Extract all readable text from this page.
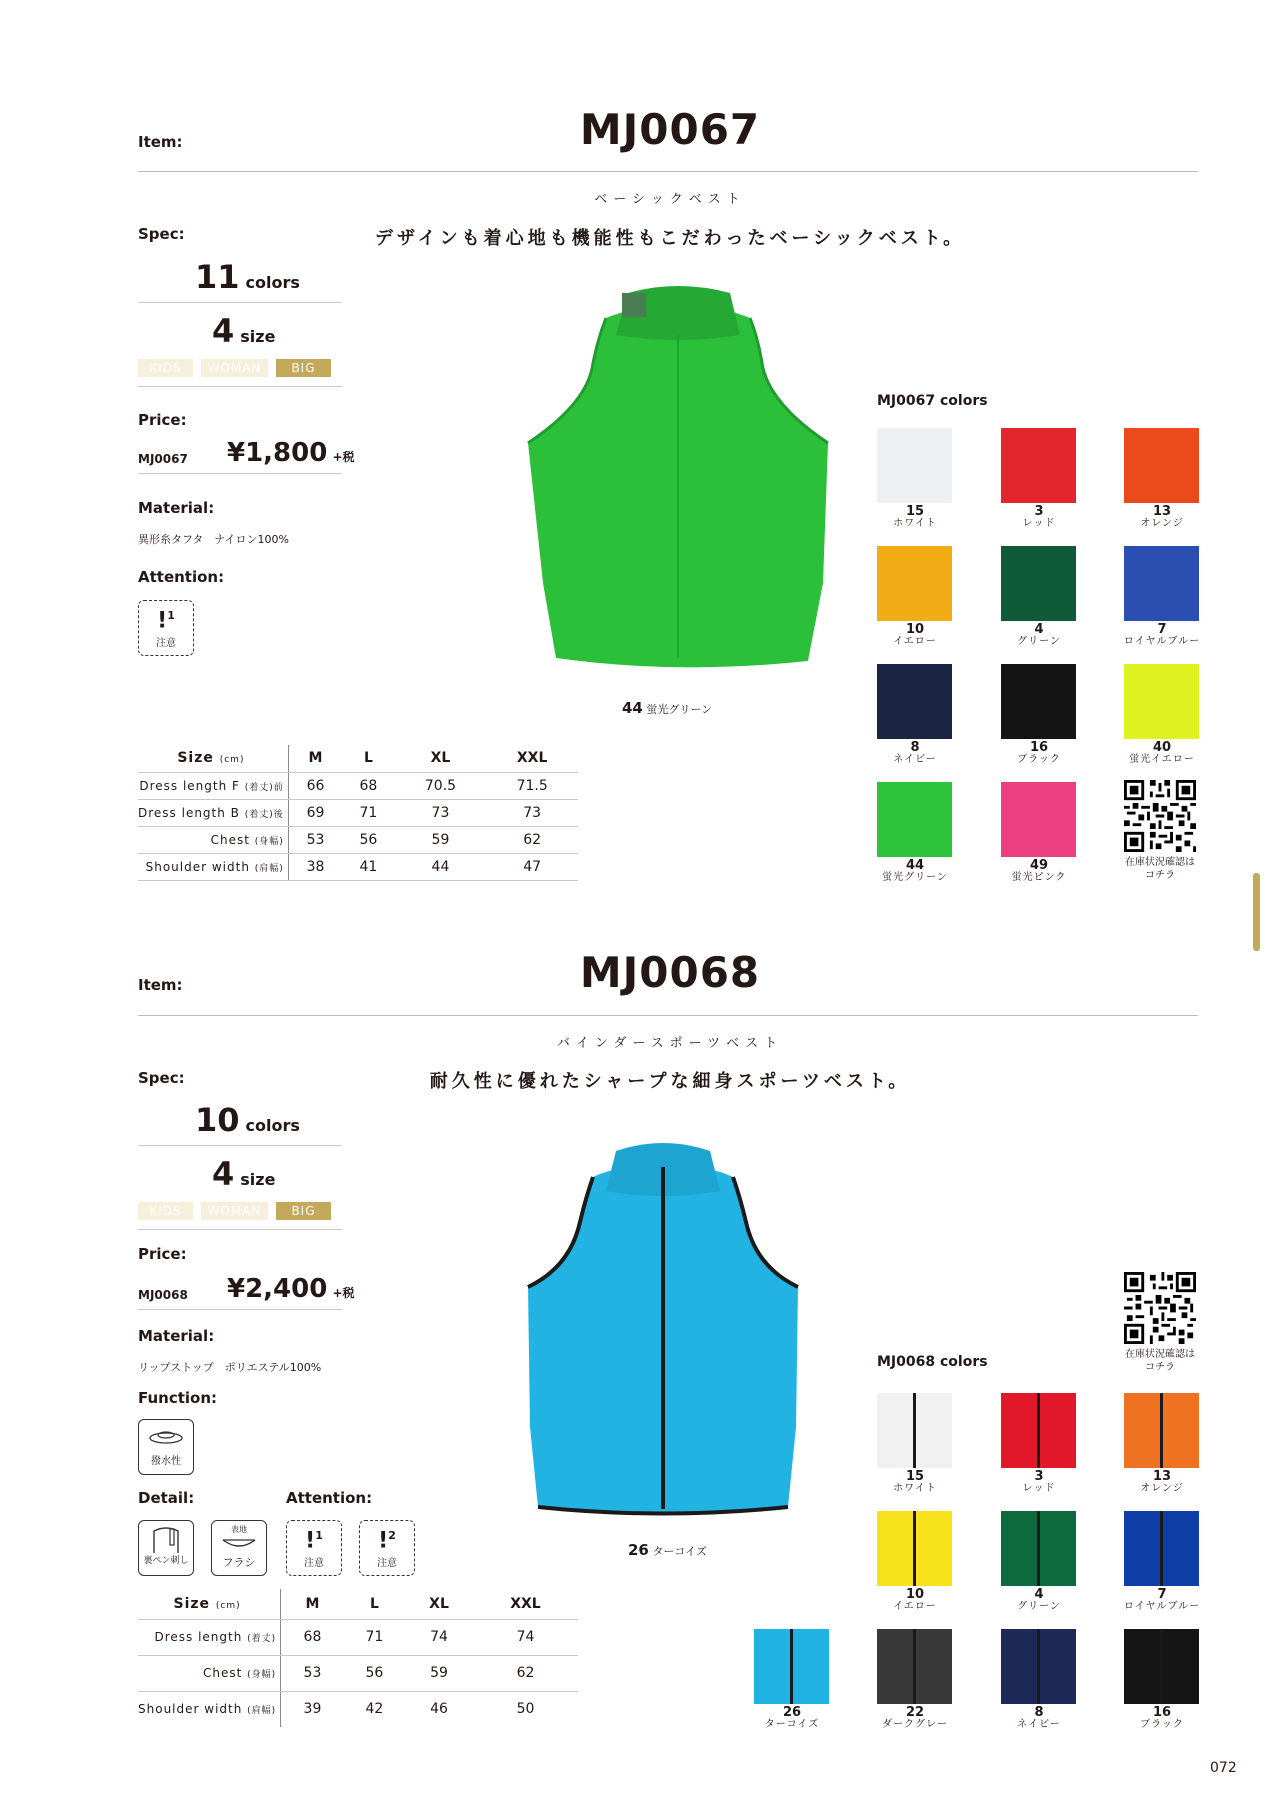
Item:	MJ0067
ベーシックベスト
Spec:	デザインも着心地も機能性もこだわったベーシックベスト。
11 colors
4 size
KIDS	WOMAN	BIG
Price:
MJ0067 ¥1,800 +税
Material:
異形糸タフタ　ナイロン100%
Attention:
!$^1$
注意
44 蛍光グリーン
Size (cm)	M	L	XL	XXL
Dress length F (着丈)前	66	68	70.5	71.5
Dress length B (着丈)後	69	71	73	73
Chest (身幅)	53	56	59	62
Shoulder width (肩幅)	38	41	44	47
MJ0067 colors
15
ホワイト
3
レッド
13
オレンジ
10
イエロー
4
グリーン
7
ロイヤルブルー
8
ネイビー
16
ブラック
40
蛍光イエロー
44
蛍光グリーン
49
蛍光ピンク
在庫状況確認は
コチラ
Item:	MJ0068
バインダースポーツベスト
Spec:	耐久性に優れたシャープな細身スポーツベスト。
10 colors
4 size
KIDS	WOMAN	BIG
Price:
MJ0068 ¥2,400 +税
Material:
リップストップ　ポリエステル100%
Function:
撥水性
Detail:	Attention:
裏ペン刺し
表地
フラシ
!$^1$
注意
!$^2$
注意
26 ターコイズ
Size (cm)	M	L	XL	XXL
Dress length (着丈)	68	71	74	74
Chest (身幅)	53	56	59	62
Shoulder width (肩幅)	39	42	46	50
在庫状況確認は
コチラ
MJ0068 colors
15
ホワイト
3
レッド
13
オレンジ
10
イエロー
4
グリーン
7
ロイヤルブルー
26
ターコイズ
22
ダークグレー
8
ネイビー
16
ブラック
072
